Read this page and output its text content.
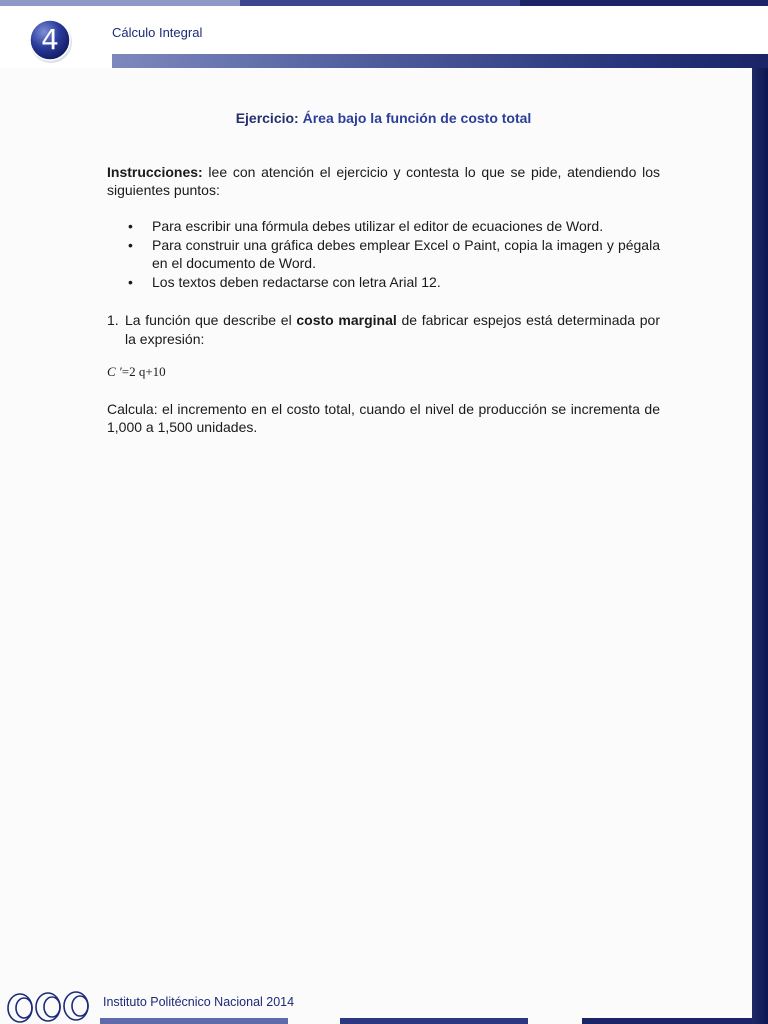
4	Cálculo Integral
Ejercicio: Área bajo la función de costo total

Instrucciones: lee con atención el ejercicio y contesta lo que se pide, atendiendo los siguientes puntos:

• Para escribir una fórmula debes utilizar el editor de ecuaciones de Word.
• Para construir una gráfica debes emplear Excel o Paint, copia la imagen y pégala en el documento de Word.
• Los textos deben redactarse con letra Arial 12.
1. La función que describe el costo marginal de fabricar espejos está determinada por la expresión:

C ′=2 q+10

Calcula: el incremento en el costo total, cuando el nivel de producción se incrementa de 1,000 a 1,500 unidades.

Instituto Politécnico Nacional 2014
